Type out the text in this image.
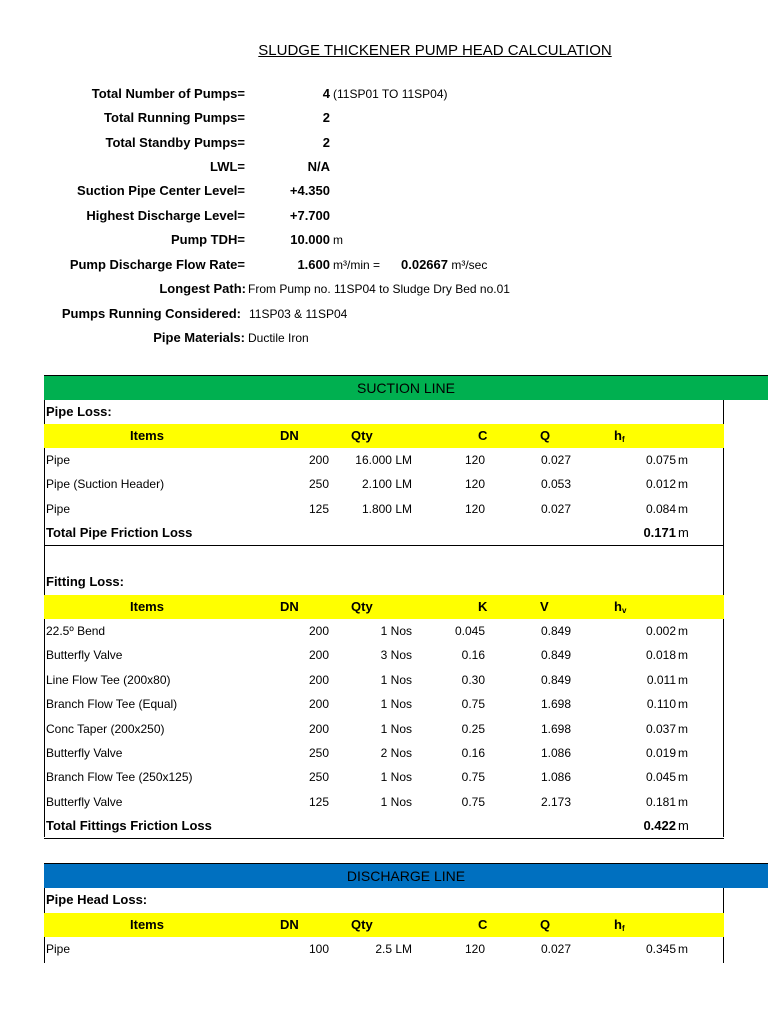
SLUDGE THICKENER PUMP HEAD CALCULATION
Total Number of Pumps=	4 (11SP01 TO 11SP04)
Total Running Pumps=	2
Total Standby Pumps=	2
LWL=	N/A
Suction Pipe Center Level=	+4.350
Highest Discharge Level=	+7.700
Pump TDH=	10.000 m
Pump Discharge Flow Rate=	1.600 m³/min = 0.02667 m³/sec
Longest Path: From Pump no. 11SP04 to Sludge Dry Bed no.01
Pumps Running Considered: 11SP03 & 11SP04
Pipe Materials: Ductile Iron
SUCTION LINE
Pipe Loss:
Items	DN	Qty	C	Q	$h_f$
Pipe	200 16.000 LM	120	0.027	0.075 m
Pipe (Suction Header)	250	2.100 LM	120	0.053	0.012 m
Pipe	125	1.800 LM	120	0.027	0.084 m
Total Pipe Friction Loss	0.171 m
Fitting Loss:
Items	DN	Qty	K	V	$h_v$
22.5º Bend	200	1 Nos	0.045	0.849	0.002 m
Butterfly Valve	200	3 Nos	0.16	0.849	0.018 m
Line Flow Tee (200x80)	200	1 Nos	0.30	0.849	0.011 m
Branch Flow Tee (Equal)	200	1 Nos	0.75	1.698	0.110 m
Conc Taper (200x250)	200	1 Nos	0.25	1.698	0.037 m
Butterfly Valve	250	2 Nos	0.16	1.086	0.019 m
Branch Flow Tee (250x125)	250	1 Nos	0.75	1.086	0.045 m
Butterfly Valve	125	1 Nos	0.75	2.173	0.181 m
Total Fittings Friction Loss	0.422 m
DISCHARGE LINE
Pipe Head Loss:
Items	DN	Qty	C	Q	$h_f$
Pipe	100	2.5 LM	120	0.027	0.345 m
